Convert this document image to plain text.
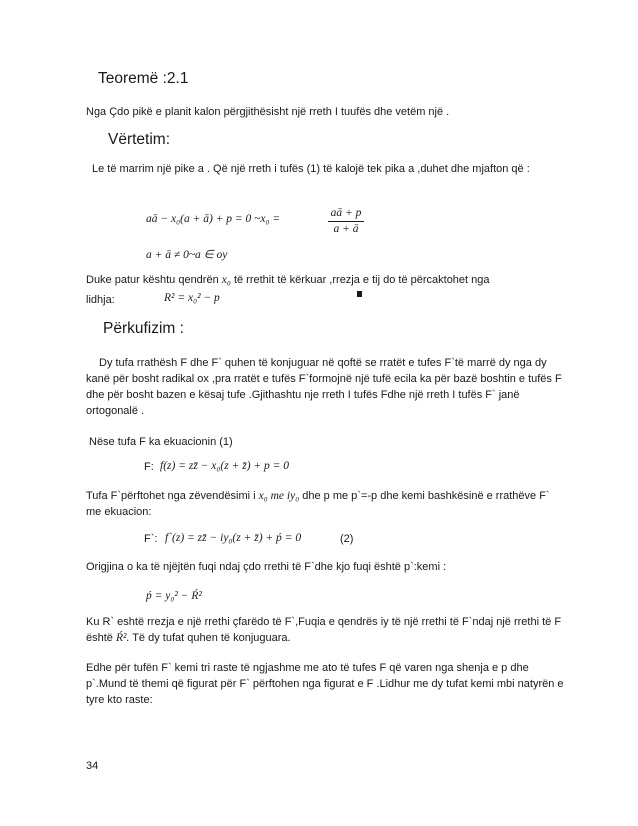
Teoremë :2.1
Nga Çdo pikë e planit kalon përgjithësisht një rreth I tuufës dhe vetëm një .
Vërtetim:
Le të marrim një pike a . Që një rreth i tufës (1) të kalojë tek pika a ,duhet dhe mjafton që :
aā − x₀(a + ā) + p = 0 ~x₀ =	$\frac{aā + p}{a + ā}$
a + ā ≠ 0~a ∈ oy
Duke patur kështu qendrën x₀ të rrethit të kërkuar ,rrezja e tij do të përcaktohet nga
lidhja:	R² = x₀² − p
Përkufizim :
Dy tufa rrathësh F dhe F` quhen të konjuguar në qoftë se rratët e tufes F`të marrë dy nga dy kanë për bosht radikal ox ,pra rratët e tufës F`formojnë një tufë ecila ka për bazë boshtin e tufës F dhe për bosht bazen e kësaj tufe .Gjithashtu nje rreth I tufës Fdhe një rreth I tufës F` janë ortogonalë .
Nëse tufa F ka ekuacionin (1)
F: f(z) = zz̄ − x₀(z + z̄) + p = 0
Tufa F`përftohet nga zëvendësimi i x₀ me iy₀ dhe p me p`=-p dhe kemi bashkësinë e rrathëve F` me ekuacion:
F`: f`(z) = zz̄ − iy₀(z + z̄) + ṕ = 0	(2)
Origjina o ka të njëjtën fuqi ndaj çdo rrethi të F`dhe kjo fuqi është p`:kemi :
ṕ = y₀² − Ŕ²
Ku R` eshtë rrezja e një rrethi çfarëdo të F`,Fuqia e qendrës iy të një rrethi të F`ndaj një rrethi të F është Ŕ². Të dy tufat quhen të konjuguara.
Edhe për tufën F` kemi tri raste të ngjashme me ato të tufes F që varen nga shenja e p dhe p`.Mund të themi që figurat për F` përftohen nga figurat e F .Lidhur me dy tufat kemi mbi natyrën e tyre kto raste:
34
